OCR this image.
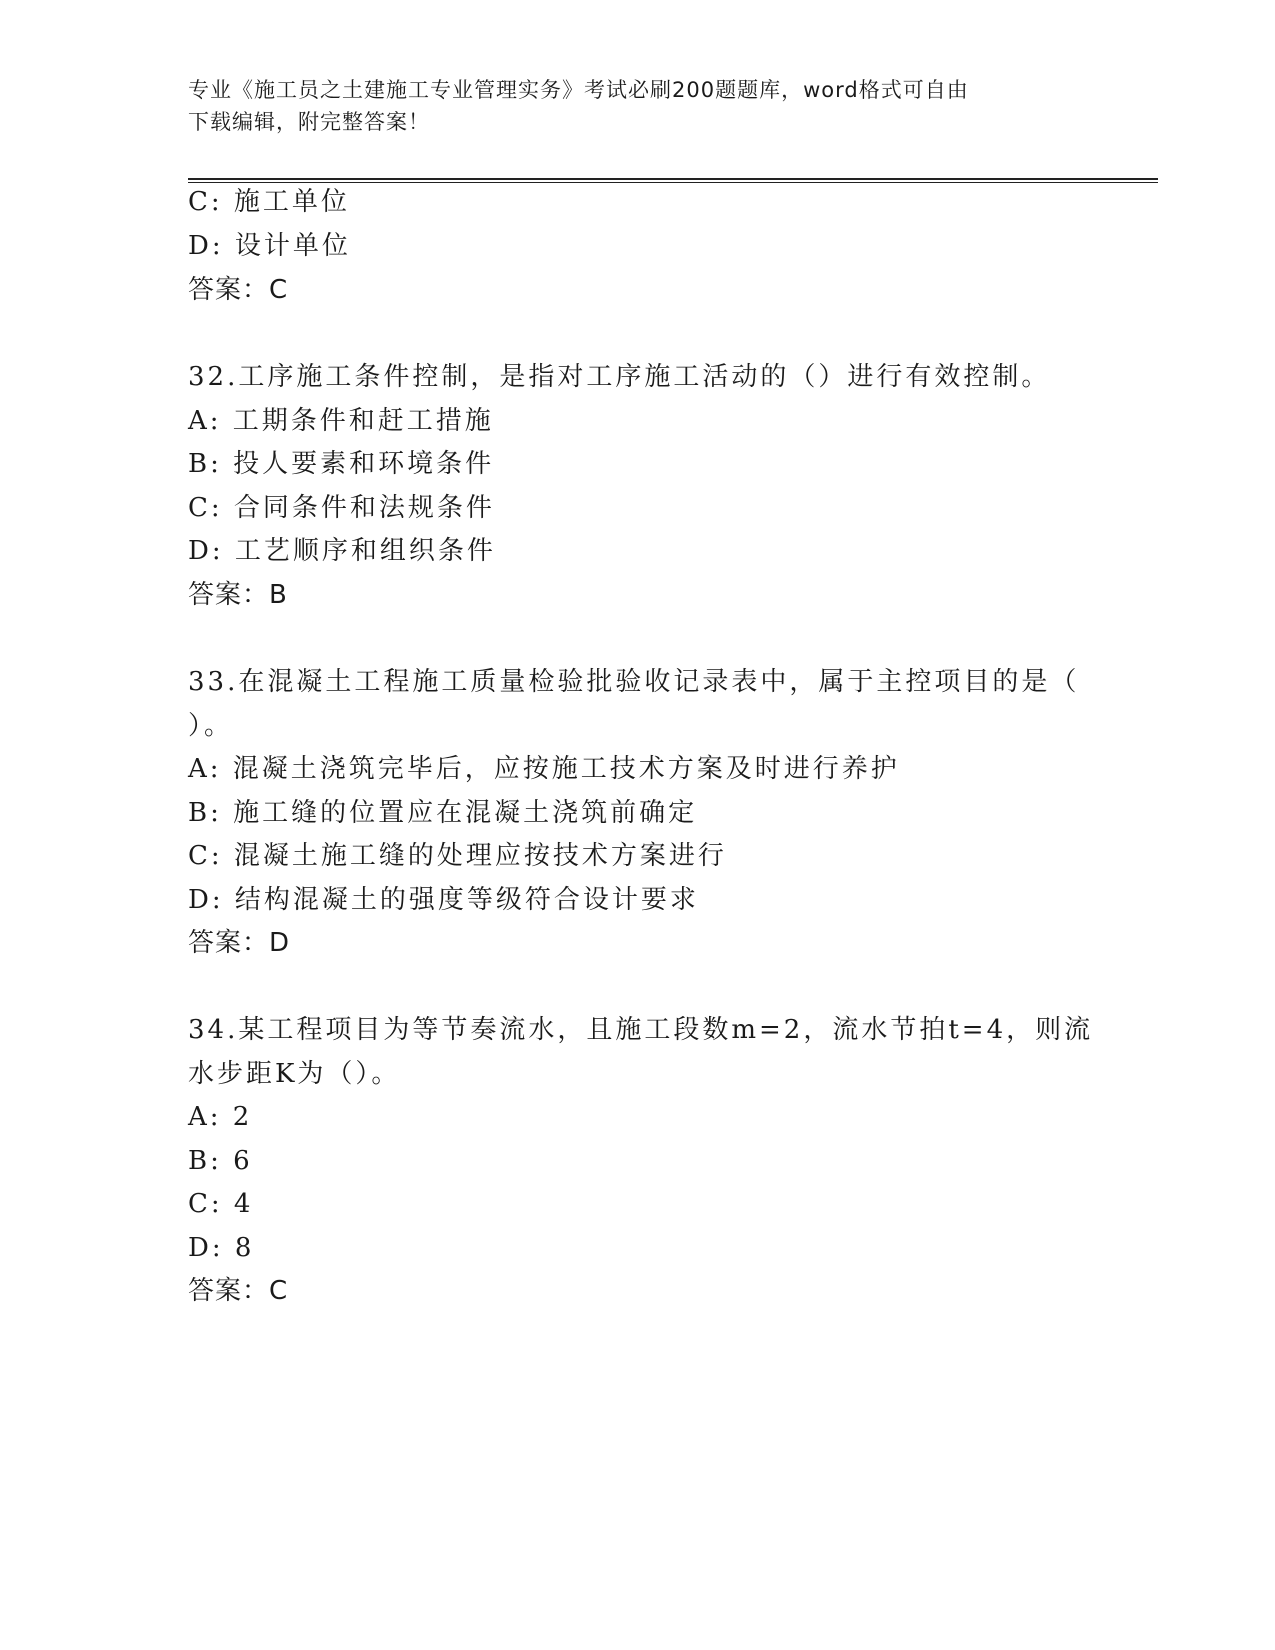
专业《施工员之土建施工专业管理实务》考试必刷200题题库，word格式可自由
下载编辑，附完整答案！
C: 施工单位
D: 设计单位
答案：C
32.工序施工条件控制，是指对工序施工活动的（）进行有效控制。
A: 工期条件和赶工措施
B: 投人要素和环境条件
C: 合同条件和法规条件
D: 工艺顺序和组织条件
答案：B
33.在混凝土工程施工质量检验批验收记录表中，属于主控项目的是（
）。
A: 混凝土浇筑完毕后，应按施工技术方案及时进行养护
B: 施工缝的位置应在混凝土浇筑前确定
C: 混凝土施工缝的处理应按技术方案进行
D: 结构混凝土的强度等级符合设计要求
答案：D
34.某工程项目为等节奏流水，且施工段数m=2，流水节拍t=4，则流
水步距K为（）。
A: 2
B: 6
C: 4
D: 8
答案：C
